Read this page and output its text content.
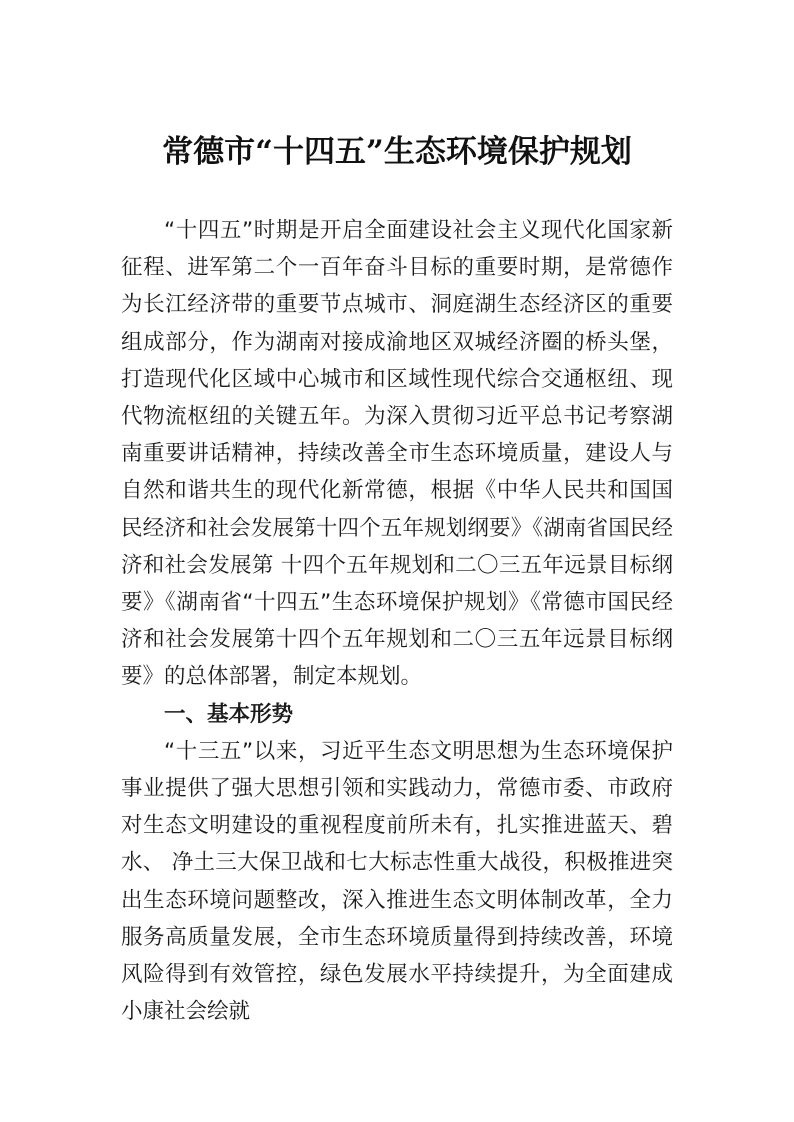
常德市“十四五”生态环境保护规划

“十四五”时期是开启全面建设社会主义现代化国家新征程、进军第二个一百年奋斗目标的重要时期，是常德作为长江经济带的重要节点城市、洞庭湖生态经济区的重要组成部分，作为湖南对接成渝地区双城经济圈的桥头堡，打造现代化区域中心城市和区域性现代综合交通枢纽、现代物流枢纽的关键五年。为深入贯彻习近平总书记考察湖南重要讲话精神，持续改善全市生态环境质量，建设人与自然和谐共生的现代化新常德，根据《中华人民共和国国民经济和社会发展第十四个五年规划纲要》《湖南省国民经济和社会发展第 十四个五年规划和二〇三五年远景目标纲要》《湖南省“十四五”生态环境保护规划》《常德市国民经济和社会发展第十四个五年规划和二〇三五年远景目标纲要》的总体部署，制定本规划。

一、基本形势

“十三五”以来，习近平生态文明思想为生态环境保护事业提供了强大思想引领和实践动力，常德市委、市政府对生态文明建设的重视程度前所未有，扎实推进蓝天、碧水、 净土三大保卫战和七大标志性重大战役，积极推进突出生态环境问题整改，深入推进生态文明体制改革，全力服务高质量发展，全市生态环境质量得到持续改善，环境风险得到有效管控，绿色发展水平持续提升，为全面建成小康社会绘就
